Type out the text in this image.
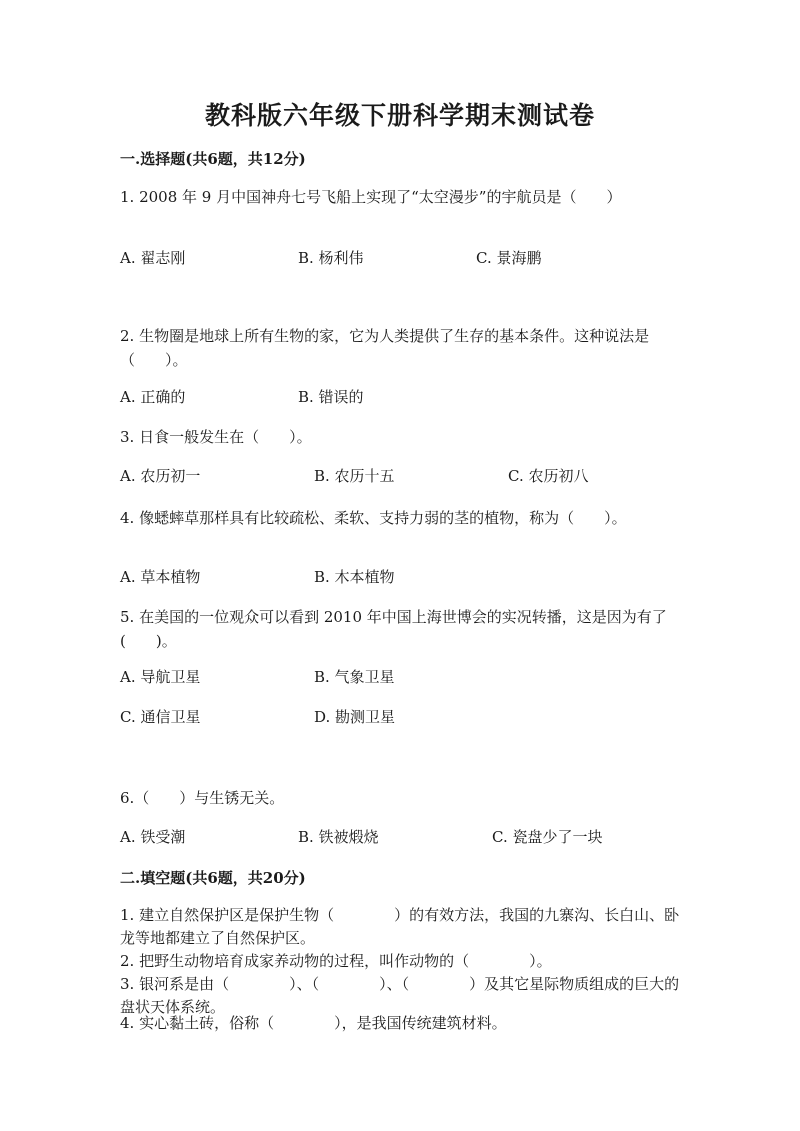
教科版六年级下册科学期末测试卷
一.选择题(共6题，共12分)
1. 2008 年 9 月中国神舟七号飞船上实现了“太空漫步”的宇航员是（　　）
A. 翟志刚	B. 杨利伟	C. 景海鹏
2. 生物圈是地球上所有生物的家，它为人类提供了生存的基本条件。这种说法是（　　）。
A. 正确的	B. 错误的
3. 日食一般发生在（　　）。
A. 农历初一	B. 农历十五	C. 农历初八
4. 像蟋蟀草那样具有比较疏松、柔软、支持力弱的茎的植物，称为（　　）。
A. 草本植物	B. 木本植物
5. 在美国的一位观众可以看到 2010 年中国上海世博会的实况转播，这是因为有了(　　)。
A. 导航卫星	B. 气象卫星
C. 通信卫星	D. 勘测卫星
6.（　　）与生锈无关。
A. 铁受潮	B. 铁被煅烧	C. 瓷盘少了一块
二.填空题(共6题，共20分)
1. 建立自然保护区是保护生物（　　　　）的有效方法，我国的九寨沟、长白山、卧龙等地都建立了自然保护区。
2. 把野生动物培育成家养动物的过程，叫作动物的（　　　　）。
3. 银河系是由（　　　　）、（　　　　）、（　　　　）及其它星际物质组成的巨大的盘状天体系统。
4. 实心黏土砖，俗称（　　　　），是我国传统建筑材料。
